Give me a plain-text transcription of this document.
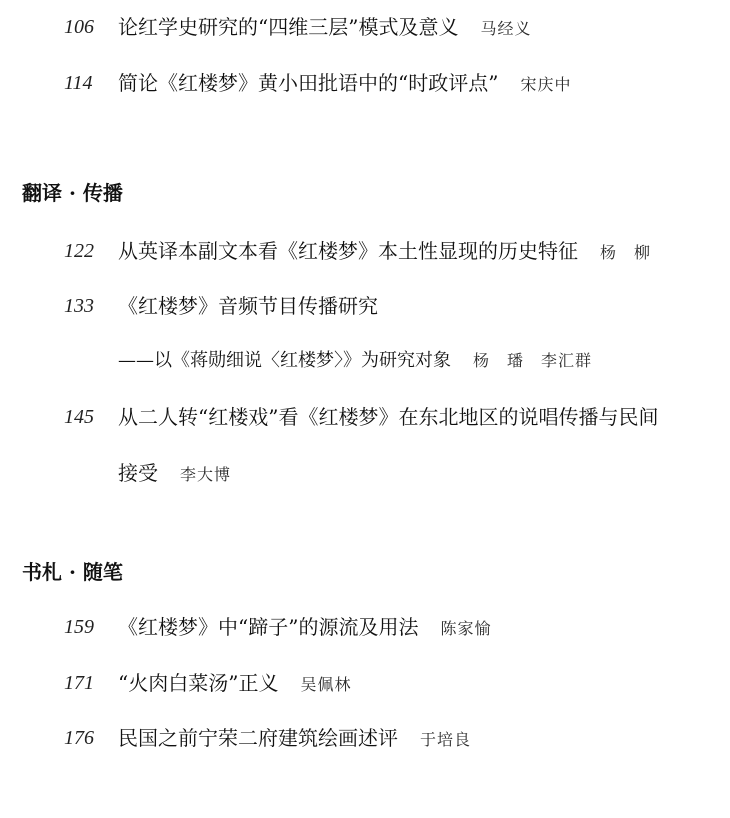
106 论红学史研究的“四维三层”模式及意义 马经义
114 简论《红楼梦》黄小田批语中的“时政评点” 宋庆中
翻译 · 传播
122 从英译本副文本看《红楼梦》本土性显现的历史特征 杨　柳
133 《红楼梦》音频节目传播研究
——以《蒋勋细说〈红楼梦〉》为研究对象 杨　璠　李汇群
145 从二人转“红楼戏”看《红楼梦》在东北地区的说唱传播与民间
接受 李大博
书札 · 随笔
159 《红楼梦》中“蹄子”的源流及用法 陈家愉
171 “火肉白菜汤”正义 吴佩林
176 民国之前宁荣二府建筑绘画述评 于培良
